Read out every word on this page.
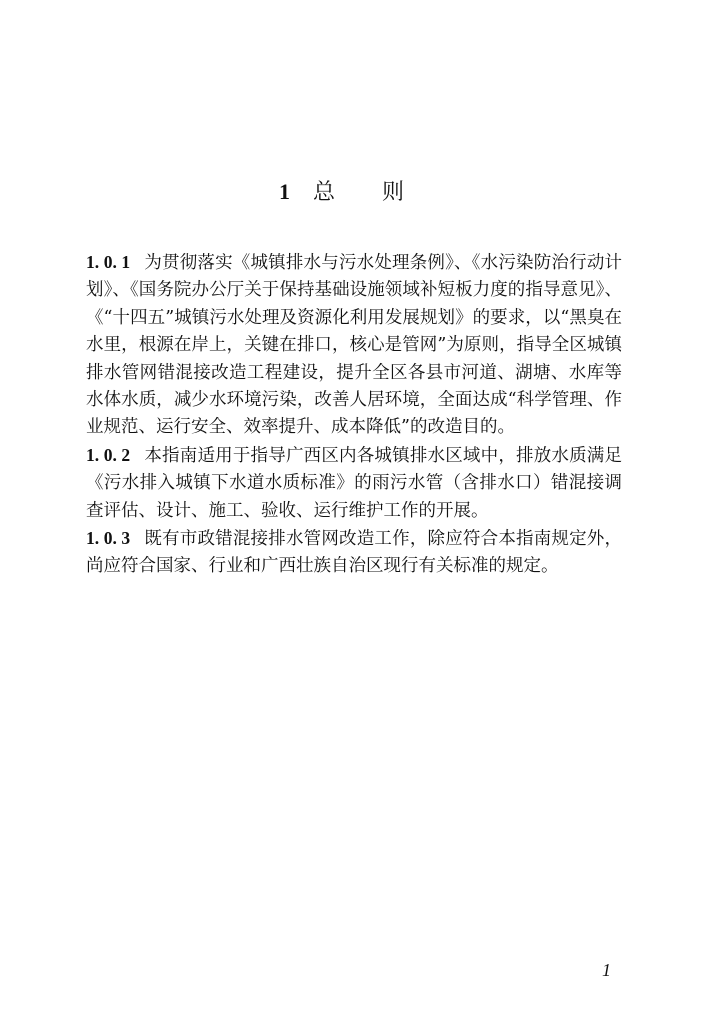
1 总 则

1. 0. 1 为贯彻落实《城镇排水与污水处理条例》、《水污染防治行动计划》、《国务院办公厅关于保持基础设施领域补短板力度的指导意见》、《“十四五”城镇污水处理及资源化利用发展规划》的要求，以“黑臭在水里，根源在岸上，关键在排口，核心是管网”为原则，指导全区城镇排水管网错混接改造工程建设，提升全区各县市河道、湖塘、水库等水体水质，减少水环境污染，改善人居环境，全面达成“科学管理、作业规范、运行安全、效率提升、成本降低”的改造目的。

1. 0. 2 本指南适用于指导广西区内各城镇排水区域中，排放水质满足《污水排入城镇下水道水质标准》的雨污水管（含排水口）错混接调查评估、设计、施工、验收、运行维护工作的开展。

1. 0. 3 既有市政错混接排水管网改造工作，除应符合本指南规定外，尚应符合国家、行业和广西壮族自治区现行有关标准的规定。

1
